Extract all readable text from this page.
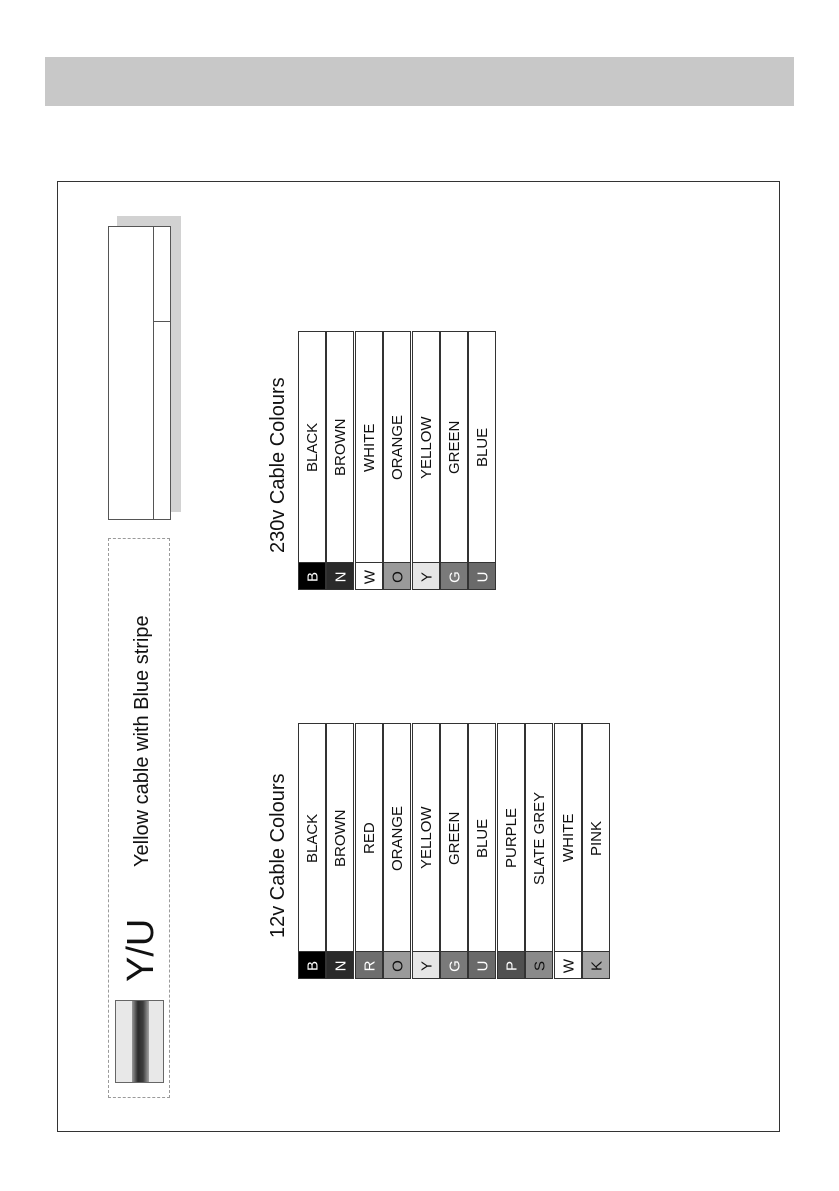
Y/U
Yellow cable with Blue stripe
230v Cable Colours BLACK
B
BROWN
N
WHITE
W
ORANGE
O
YELLOW
Y
GREEN
G
BLUE
U
12v Cable Colours BLACK
B
BROWN
N
RED
R
ORANGE
O
YELLOW
Y
GREEN
G
BLUE
U
PURPLE
P
SLATE GREY
S
WHITE
W
PINK
K
